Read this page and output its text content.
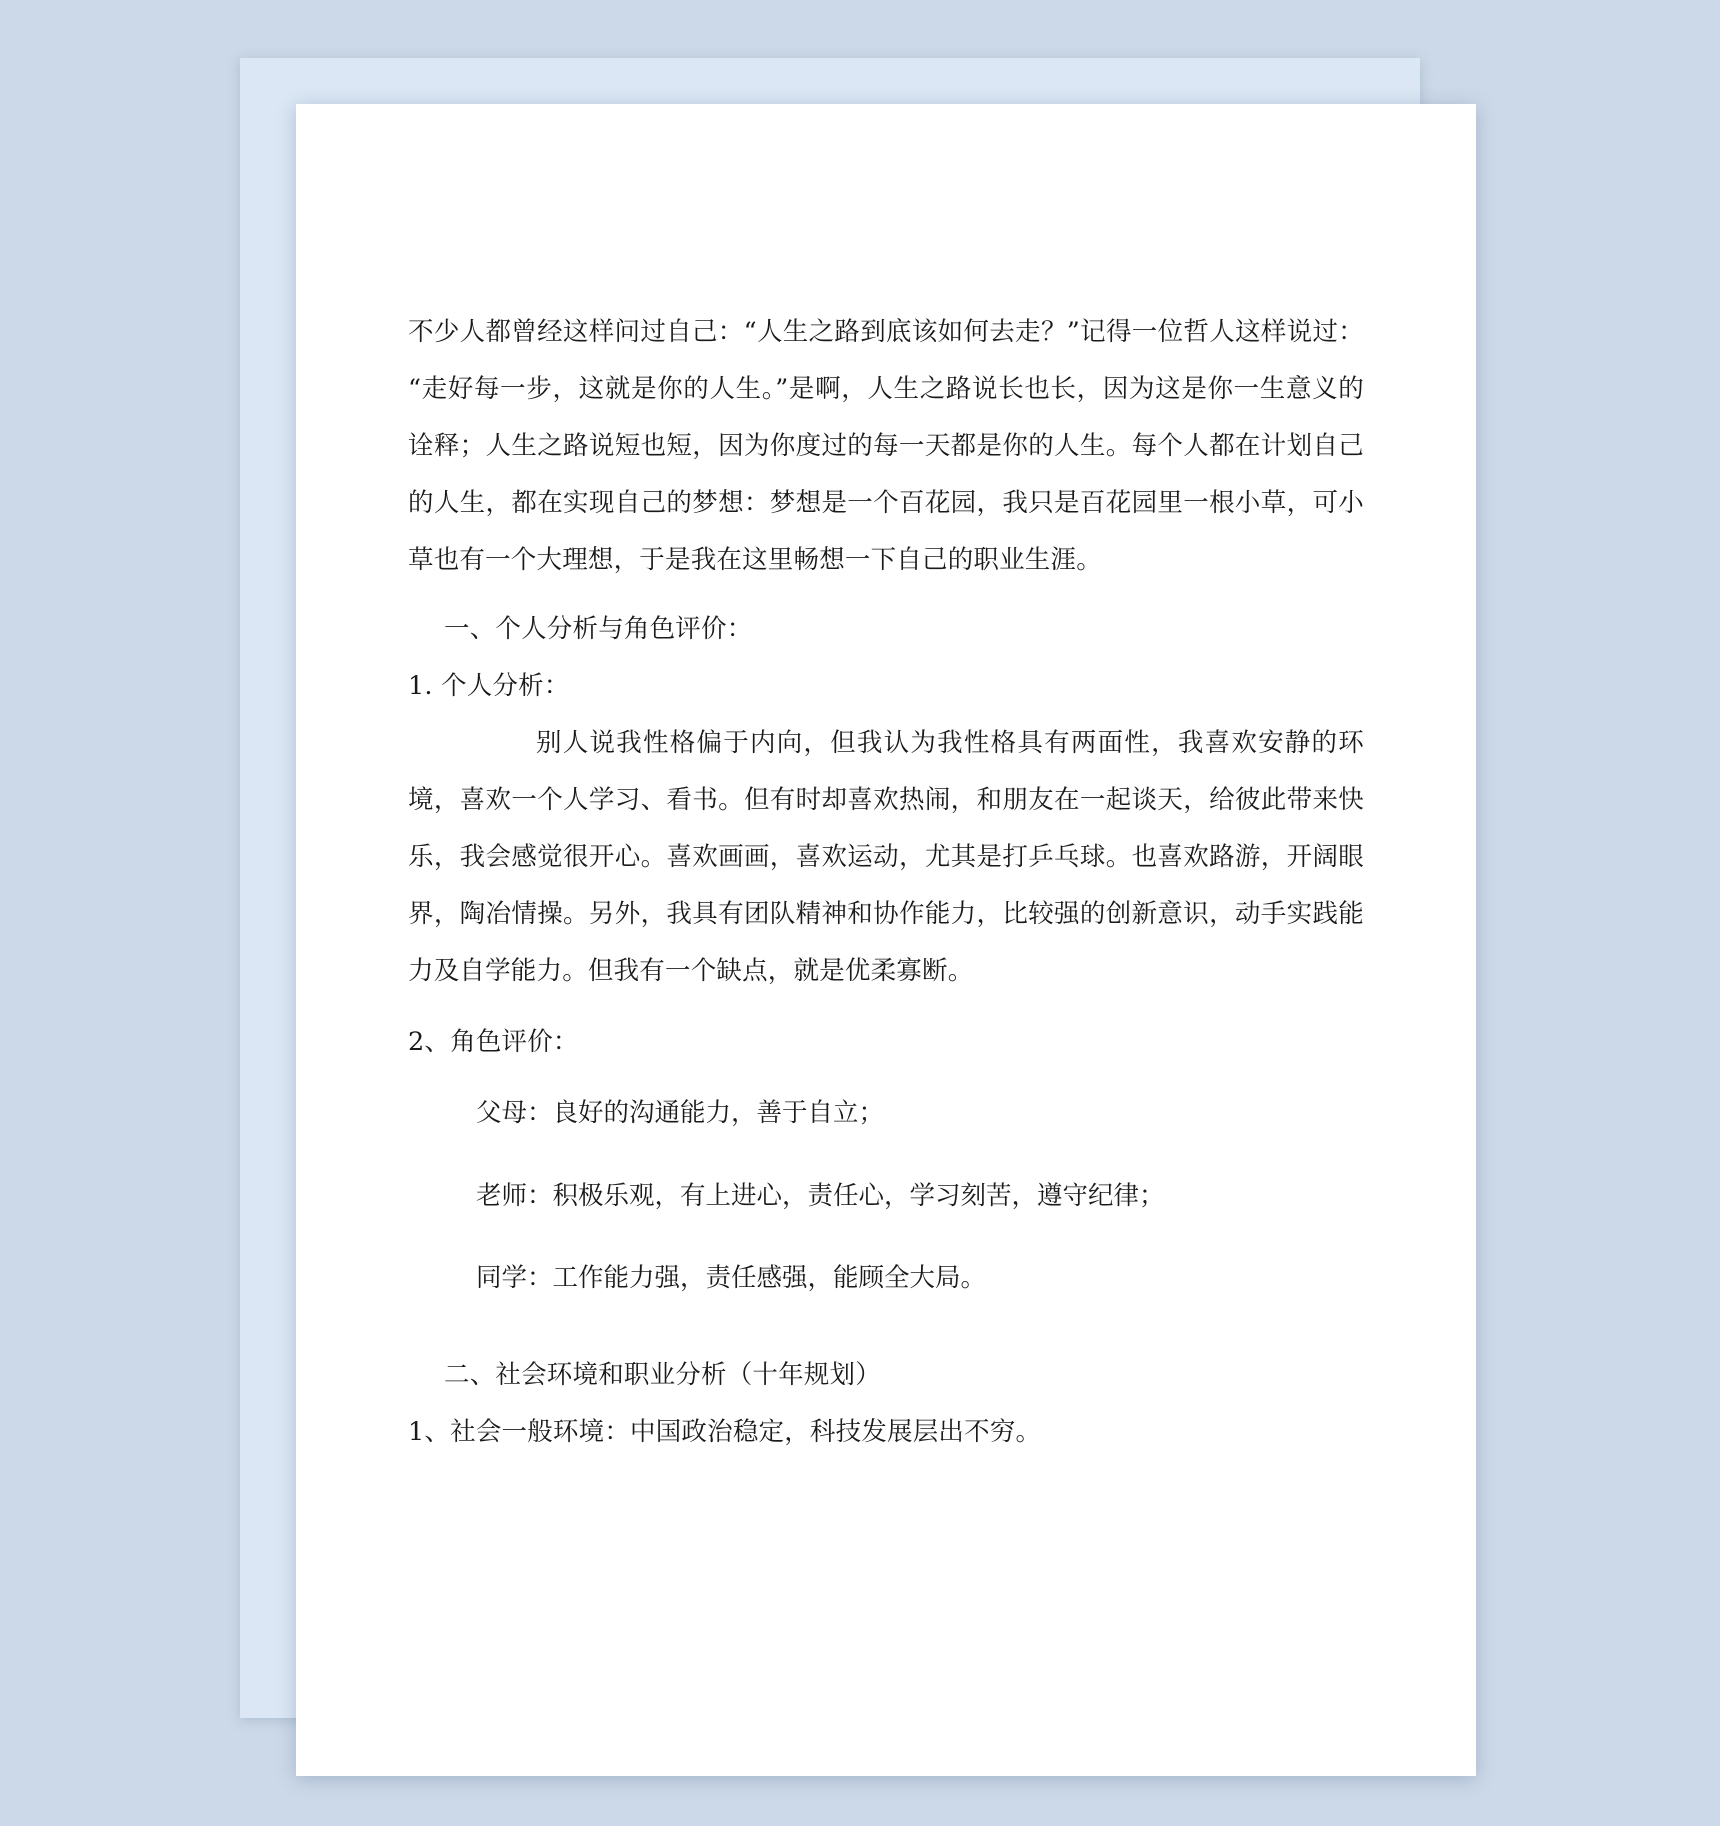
不少人都曾经这样问过自己：“人生之路到底该如何去走？”记得一位哲人这样说过：“走好每一步，这就是你的人生。”是啊，人生之路说长也长，因为这是你一生意义的诠释；人生之路说短也短，因为你度过的每一天都是你的人生。每个人都在计划自己的人生，都在实现自己的梦想：梦想是一个百花园，我只是百花园里一根小草，可小草也有一个大理想，于是我在这里畅想一下自己的职业生涯。

一、个人分析与角色评价：

1. 个人分析：

别人说我性格偏于内向，但我认为我性格具有两面性，我喜欢安静的环境，喜欢一个人学习、看书。但有时却喜欢热闹，和朋友在一起谈天，给彼此带来快乐，我会感觉很开心。喜欢画画，喜欢运动，尤其是打乒乓球。也喜欢路游，开阔眼界，陶冶情操。另外，我具有团队精神和协作能力，比较强的创新意识，动手实践能力及自学能力。但我有一个缺点，就是优柔寡断。

2、角色评价：

父母：良好的沟通能力，善于自立；

老师：积极乐观，有上进心，责任心，学习刻苦，遵守纪律；

同学：工作能力强，责任感强，能顾全大局。

二、社会环境和职业分析（十年规划）

1、社会一般环境：中国政治稳定，科技发展层出不穷。
